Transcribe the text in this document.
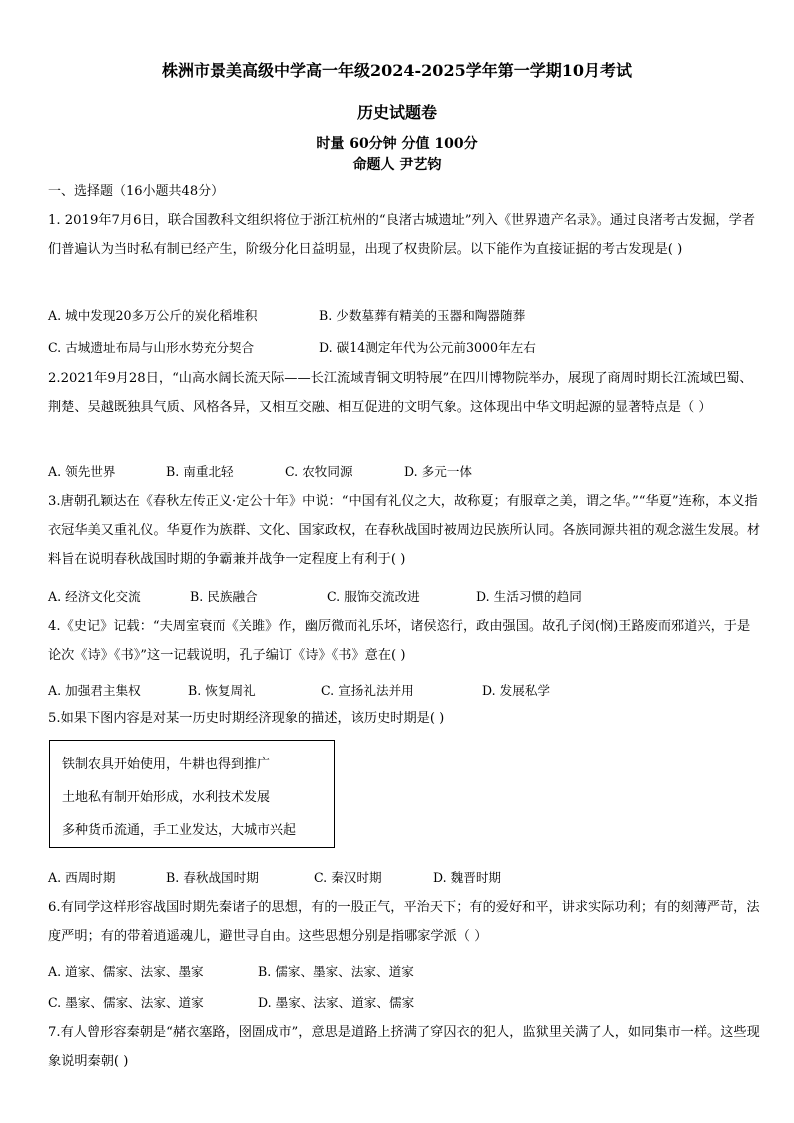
株洲市景美高级中学高一年级2024-2025学年第一学期10月考试
历史试题卷
时量 60分钟 分值 100分
命题人 尹艺钧
一、选择题（16小题共48分）
1. 2019年7月6日，联合国教科文组织将位于浙江杭州的“良渚古城遗址”列入《世界遗产名录》。通过良渚考古发掘，学者们普遍认为当时私有制已经产生，阶级分化日益明显，出现了权贵阶层。以下能作为直接证据的考古发现是( )
A. 城中发现20多万公斤的炭化稻堆积	B. 少数墓葬有精美的玉器和陶器随葬
C. 古城遗址布局与山形水势充分契合	D. 碳14测定年代为公元前3000年左右
2.2021年9月28日，“山高水阔长流天际——长江流域青铜文明特展”在四川博物院举办，展现了商周时期长江流域巴蜀、荆楚、吴越既独具气质、风格各异，又相互交融、相互促进的文明气象。这体现出中华文明起源的显著特点是（ ）
A. 领先世界	B. 南重北轻	C. 农牧同源	D. 多元一体
3.唐朝孔颖达在《春秋左传正义·定公十年》中说：“中国有礼仪之大，故称夏；有服章之美，谓之华。”“华夏”连称，本义指衣冠华美又重礼仪。华夏作为族群、文化、国家政权，在春秋战国时被周边民族所认同。各族同源共祖的观念滋生发展。材料旨在说明春秋战国时期的争霸兼并战争一定程度上有利于( )
A. 经济文化交流	B. 民族融合	C. 服饰交流改进	D. 生活习惯的趋同
4.《史记》记载：“夫周室衰而《关雎》作，幽厉微而礼乐坏，诸侯恣行，政由强国。故孔子闵(悯)王路废而邪道兴，于是论次《诗》《书》”这一记载说明，孔子编订《诗》《书》意在( )
A. 加强君主集权	B. 恢复周礼	C. 宣扬礼法并用	D. 发展私学
5.如果下图内容是对某一历史时期经济现象的描述，该历史时期是( )
铁制农具开始使用，牛耕也得到推广
土地私有制开始形成，水利技术发展
多种货币流通，手工业发达，大城市兴起
A. 西周时期	B. 春秋战国时期	C. 秦汉时期	D. 魏晋时期
6.有同学这样形容战国时期先秦诸子的思想，有的一股正气，平治天下；有的爱好和平，讲求实际功利；有的刻薄严苛，法度严明；有的带着逍遥魂儿，避世寻自由。这些思想分别是指哪家学派（ ）
A. 道家、儒家、法家、墨家	B. 儒家、墨家、法家、道家
C. 墨家、儒家、法家、道家	D. 墨家、法家、道家、儒家
7.有人曾形容秦朝是“赭衣塞路，囹圄成市”，意思是道路上挤满了穿囚衣的犯人，监狱里关满了人，如同集市一样。这些现象说明秦朝( )
